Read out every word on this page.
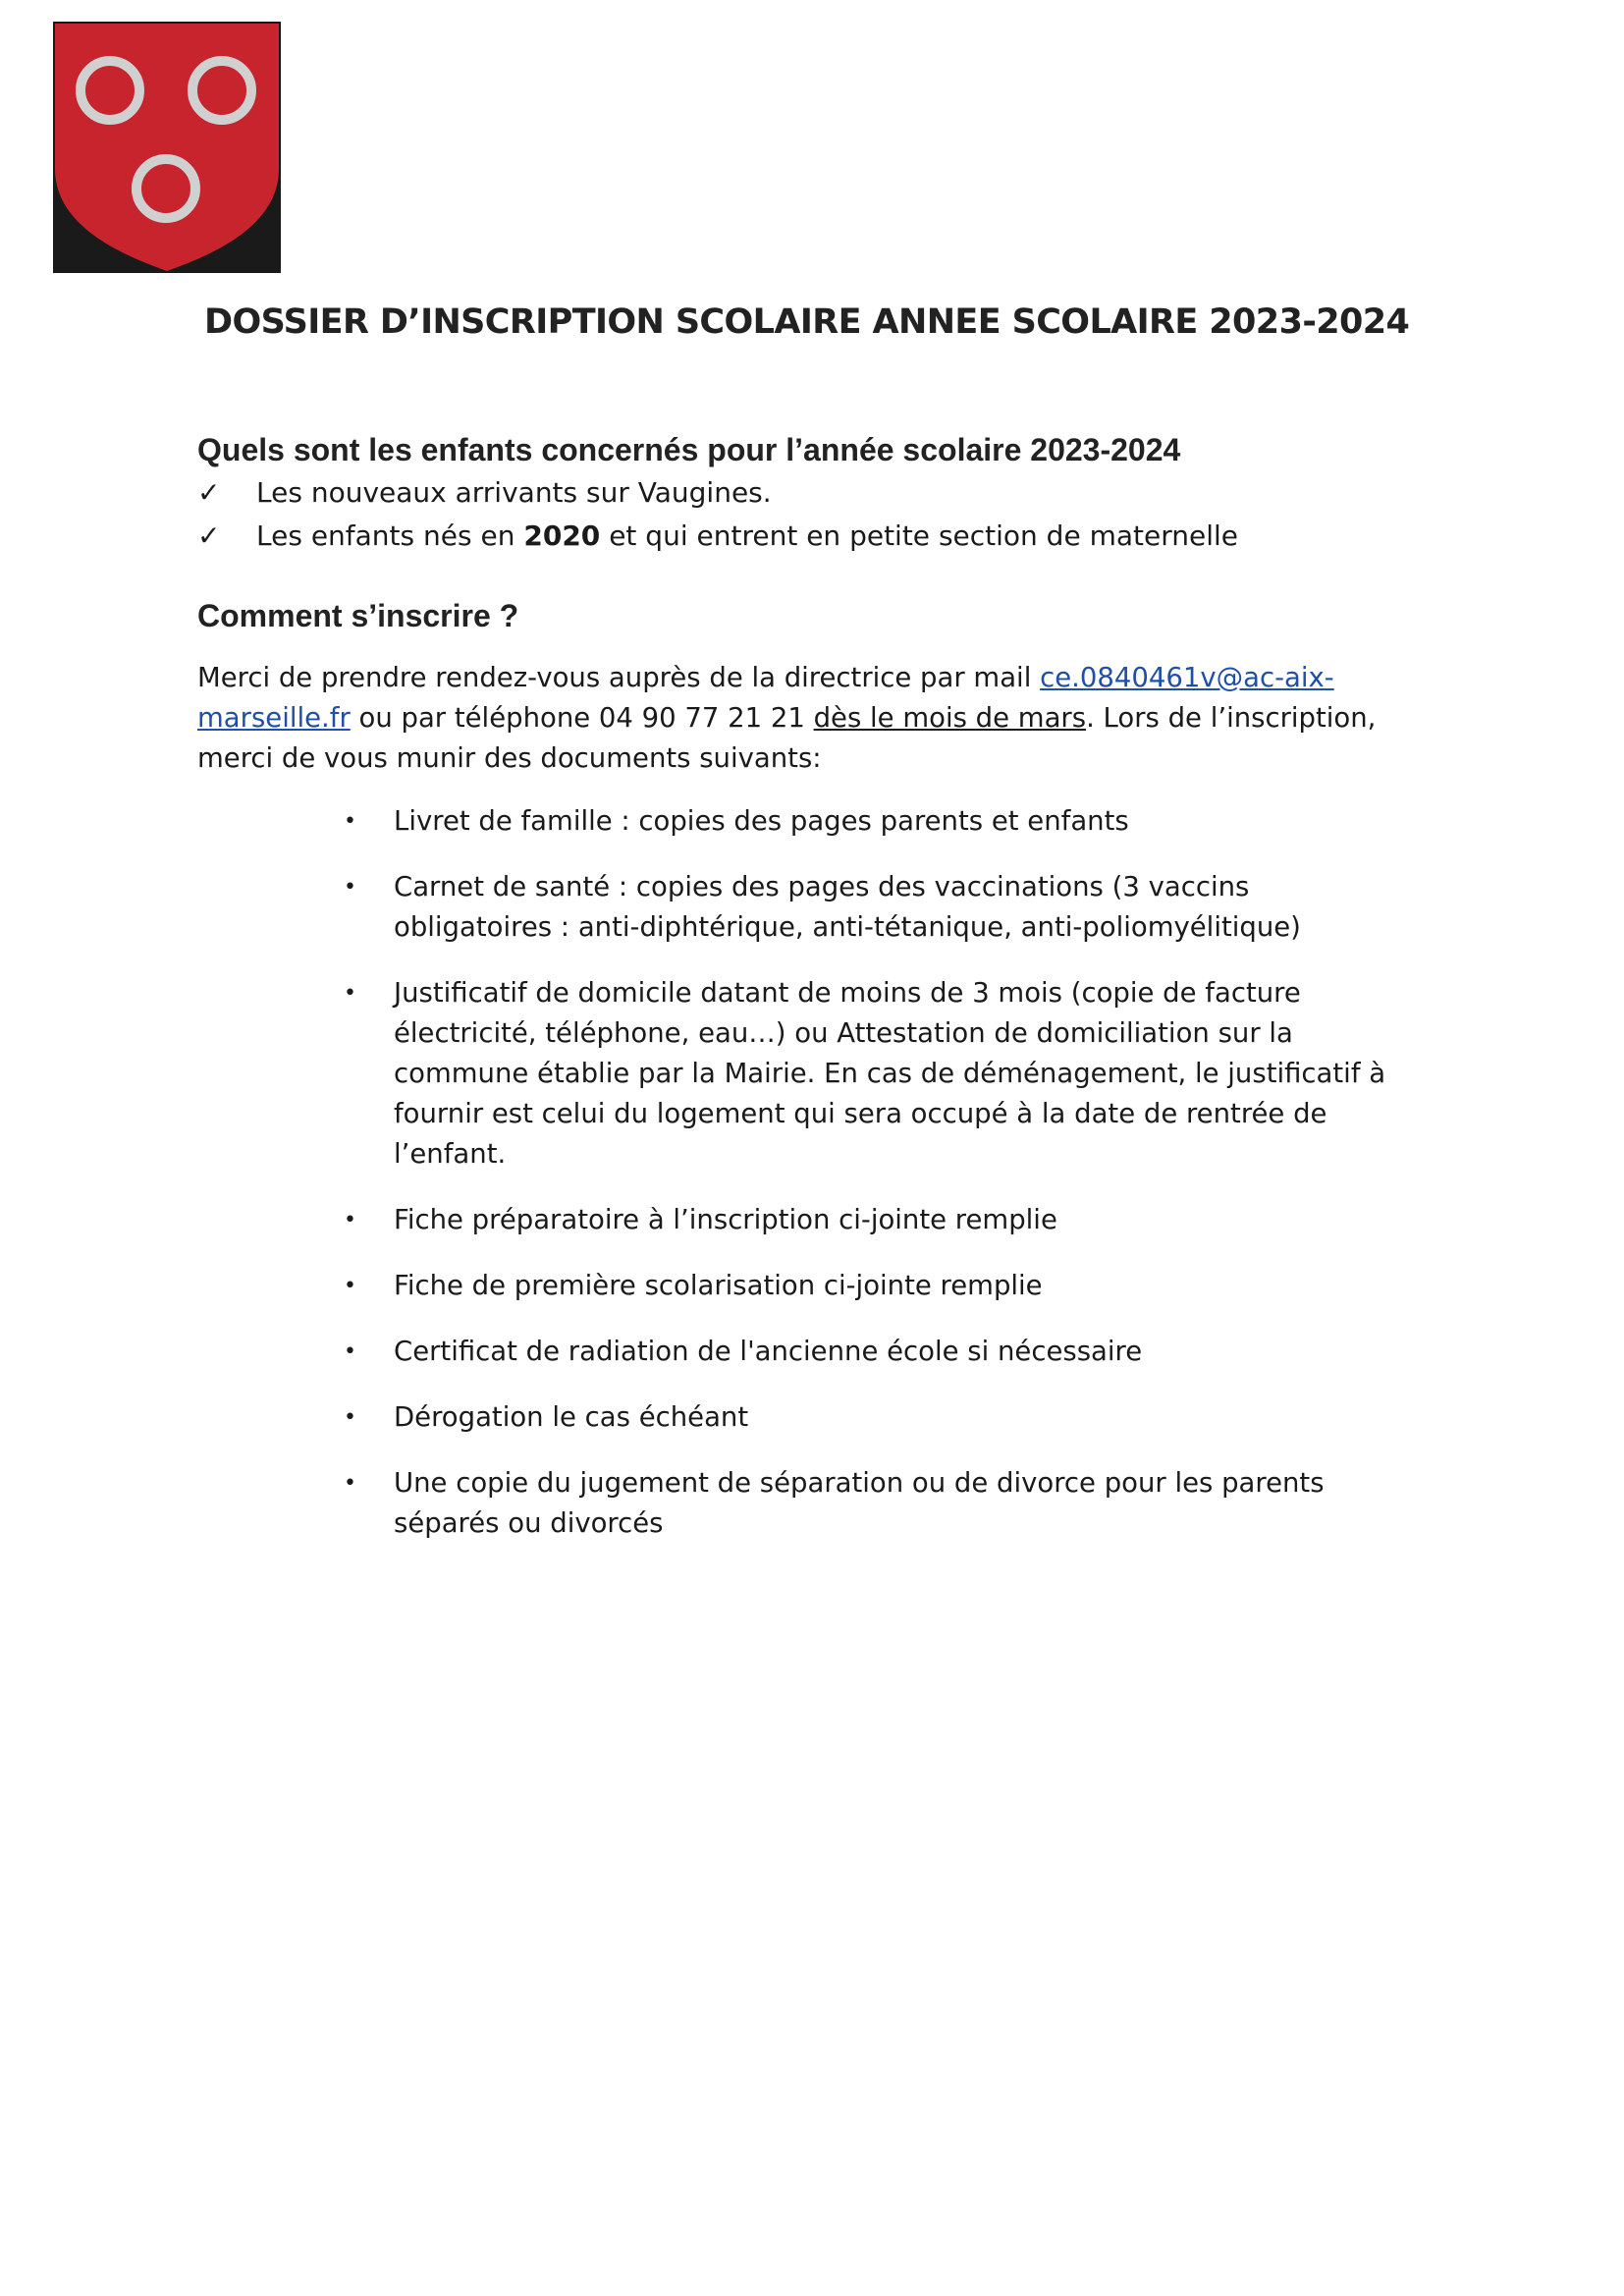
DOSSIER D’INSCRIPTION SCOLAIRE ANNEE SCOLAIRE 2023-2024
Quels sont les enfants concernés pour l’année scolaire 2023-2024
✓ Les nouveaux arrivants sur Vaugines.
✓ Les enfants nés en 2020 et qui entrent en petite section de maternelle
Comment s’inscrire ?

Merci de prendre rendez-vous auprès de la directrice par mail ce.0840461v@ac-aix-marseille.fr ou par téléphone 04 90 77 21 21 dès le mois de mars. Lors de l’inscription, merci de vous munir des documents suivants:

• Livret de famille : copies des pages parents et enfants
• Carnet de santé : copies des pages des vaccinations (3 vaccins obligatoires : anti-diphtérique, anti-tétanique, anti-poliomyélitique)
• Justificatif de domicile datant de moins de 3 mois (copie de facture électricité, téléphone, eau…) ou Attestation de domiciliation sur la commune établie par la Mairie. En cas de déménagement, le justificatif à fournir est celui du logement qui sera occupé à la date de rentrée de l’enfant.
• Fiche préparatoire à l’inscription ci-jointe remplie
• Fiche de première scolarisation ci-jointe remplie
• Certificat de radiation de l'ancienne école si nécessaire
• Dérogation le cas échéant
• Une copie du jugement de séparation ou de divorce pour les parents séparés ou divorcés
